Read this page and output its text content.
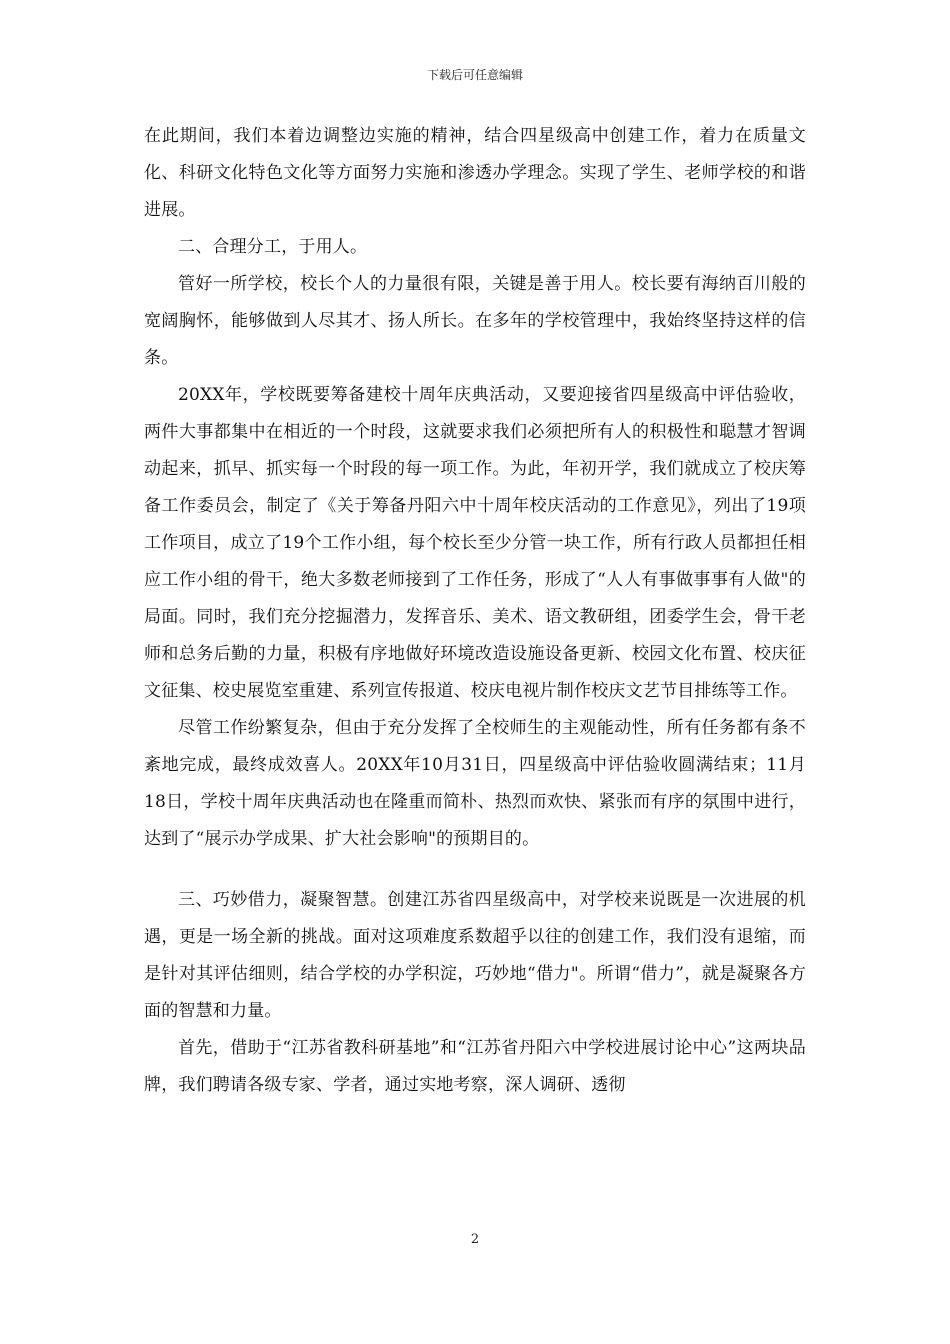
下载后可任意编辑

在此期间，我们本着边调整边实施的精神，结合四星级高中创建工作，着力在质量文化、科研文化特色文化等方面努力实施和渗透办学理念。实现了学生、老师学校的和谐进展。

二、合理分工，于用人。

管好一所学校，校长个人的力量很有限，关键是善于用人。校长要有海纳百川般的宽阔胸怀，能够做到人尽其才、扬人所长。在多年的学校管理中，我始终坚持这样的信条。

20XX年，学校既要筹备建校十周年庆典活动，又要迎接省四星级高中评估验收，两件大事都集中在相近的一个时段，这就要求我们必须把所有人的积极性和聪慧才智调动起来，抓早、抓实每一个时段的每一项工作。为此，年初开学，我们就成立了校庆筹备工作委员会，制定了《关于筹备丹阳六中十周年校庆活动的工作意见》，列出了19项工作项目，成立了19个工作小组，每个校长至少分管一块工作，所有行政人员都担任相应工作小组的骨干，绝大多数老师接到了工作任务，形成了“人人有事做事事有人做"的局面。同时，我们充分挖掘潜力，发挥音乐、美术、语文教研组，团委学生会，骨干老师和总务后勤的力量，积极有序地做好环境改造设施设备更新、校园文化布置、校庆征文征集、校史展览室重建、系列宣传报道、校庆电视片制作校庆文艺节目排练等工作。

尽管工作纷繁复杂，但由于充分发挥了全校师生的主观能动性，所有任务都有条不紊地完成，最终成效喜人。20XX年10月31日，四星级高中评估验收圆满结束；11月18日，学校十周年庆典活动也在隆重而简朴、热烈而欢快、紧张而有序的氛围中进行，达到了“展示办学成果、扩大社会影响"的预期目的。

三、巧妙借力，凝聚智慧。创建江苏省四星级高中，对学校来说既是一次进展的机遇，更是一场全新的挑战。面对这项难度系数超乎以往的创建工作，我们没有退缩，而是针对其评估细则，结合学校的办学积淀，巧妙地“借力"。所谓“借力”，就是凝聚各方面的智慧和力量。

首先，借助于“江苏省教科研基地”和“江苏省丹阳六中学校进展讨论中心”这两块品牌，我们聘请各级专家、学者，通过实地考察，深人调研、透彻

2
